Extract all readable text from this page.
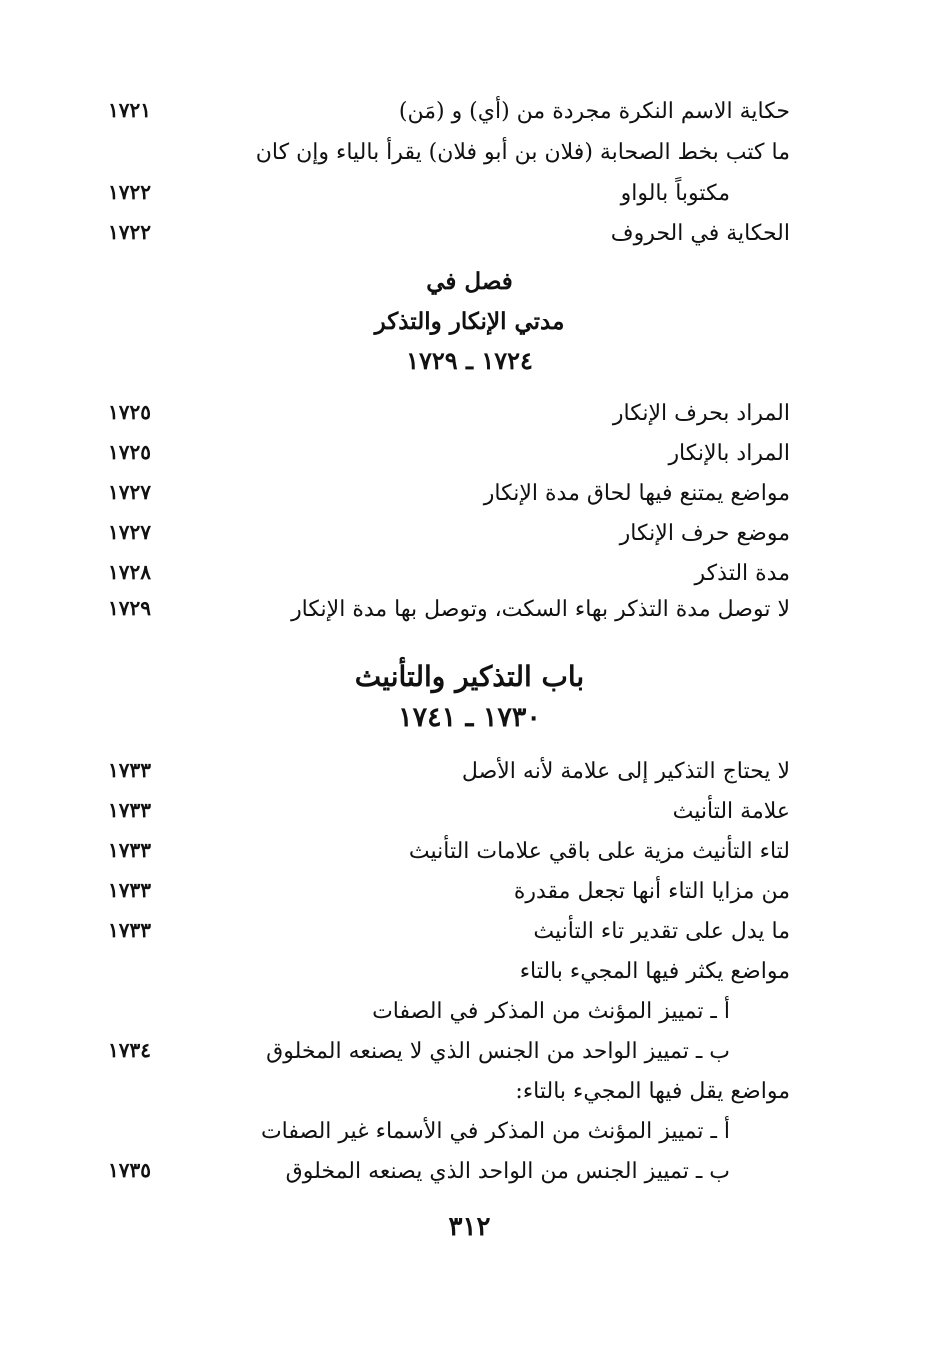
حكاية الاسم النكرة مجردة من (أي) و (مَن)
١٧٢١
ما كتب بخط الصحابة (فلان بن أبو فلان) يقرأ بالياء وإن كان
مكتوباً بالواو
١٧٢٢
الحكاية في الحروف
١٧٢٢
فصل في
مدتي الإنكار والتذكر
١٧٢٤ ـ ١٧٢٩
المراد بحرف الإنكار
١٧٢٥
المراد بالإنكار
١٧٢٥
مواضع يمتنع فيها لحاق مدة الإنكار
١٧٢٧
موضع حرف الإنكار
١٧٢٧
مدة التذكر
١٧٢٨
لا توصل مدة التذكر بهاء السكت، وتوصل بها مدة الإنكار
١٧٢٩
باب التذكير والتأنيث
١٧٣٠ ـ ١٧٤١
لا يحتاج التذكير إلى علامة لأنه الأصل
١٧٣٣
علامة التأنيث
١٧٣٣
لتاء التأنيث مزية على باقي علامات التأنيث
١٧٣٣
من مزايا التاء أنها تجعل مقدرة
١٧٣٣
ما يدل على تقدير تاء التأنيث
١٧٣٣
مواضع يكثر فيها المجيء بالتاء
أ ـ تمييز المؤنث من المذكر في الصفات
ب ـ تمييز الواحد من الجنس الذي لا يصنعه المخلوق
١٧٣٤
مواضع يقل فيها المجيء بالتاء:
أ ـ تمييز المؤنث من المذكر في الأسماء غير الصفات
ب ـ تمييز الجنس من الواحد الذي يصنعه المخلوق
١٧٣٥
٣١٢
